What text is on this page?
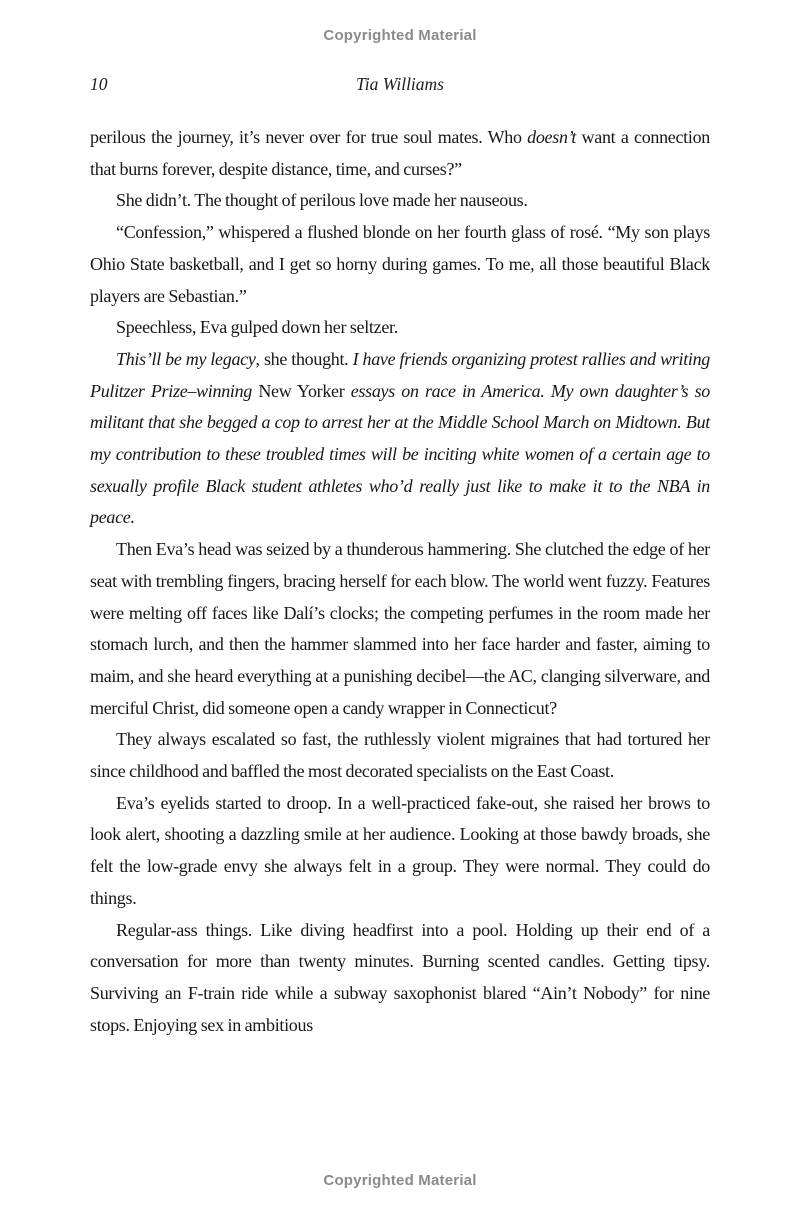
Copyrighted Material
10	Tia Williams

perilous the journey, it’s never over for true soul mates. Who doesn’t want a connection that burns forever, despite distance, time, and curses?”

She didn’t. The thought of perilous love made her nauseous.

“Confession,” whispered a flushed blonde on her fourth glass of rosé. “My son plays Ohio State basketball, and I get so horny during games. To me, all those beautiful Black players are Sebastian.”

Speechless, Eva gulped down her seltzer.

This’ll be my legacy, she thought. I have friends organizing protest rallies and writing Pulitzer Prize–winning New Yorker essays on race in America. My own daughter’s so militant that she begged a cop to arrest her at the Middle School March on Midtown. But my contribution to these troubled times will be inciting white women of a certain age to sexually profile Black student athletes who’d really just like to make it to the NBA in peace.

Then Eva’s head was seized by a thunderous hammering. She clutched the edge of her seat with trembling fingers, bracing herself for each blow. The world went fuzzy. Features were melting off faces like Dalí’s clocks; the competing perfumes in the room made her stomach lurch, and then the hammer slammed into her face harder and faster, aiming to maim, and she heard everything at a punishing decibel—the AC, clanging silverware, and merciful Christ, did someone open a candy wrapper in Connecticut?

They always escalated so fast, the ruthlessly violent migraines that had tortured her since childhood and baffled the most decorated specialists on the East Coast.

Eva’s eyelids started to droop. In a well-practiced fake-out, she raised her brows to look alert, shooting a dazzling smile at her audience. Looking at those bawdy broads, she felt the low-grade envy she always felt in a group. They were normal. They could do things.

Regular-ass things. Like diving headfirst into a pool. Holding up their end of a conversation for more than twenty minutes. Burning scented candles. Getting tipsy. Surviving an F-train ride while a subway saxophonist blared “Ain’t Nobody” for nine stops. Enjoying sex in ambitious

Copyrighted Material
